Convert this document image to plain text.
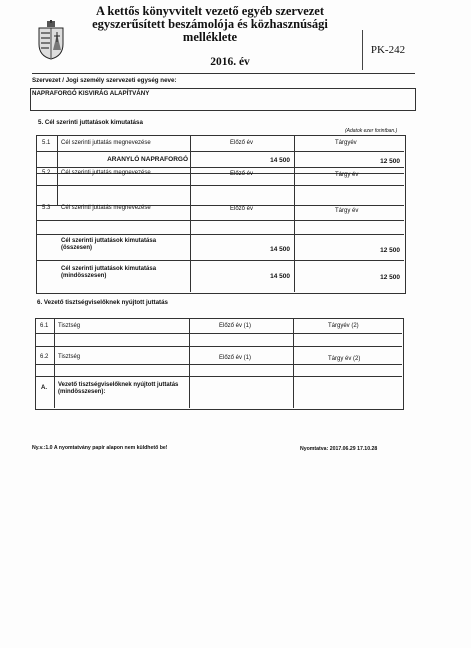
A kettős könyvvitelt vezető egyéb szervezet
egyszerűsített beszámolója és közhasznúsági melléklete
2016. év
PK-242
Szervezet / Jogi személy szervezeti egység neve:
NAPRAFORGÓ KISVIRÁG ALAPÍTVÁNY
5. Cél szerinti juttatások kimutatása
(Adatok ezer forintban.)
5.1 Cél szerinti juttatás megnevezése	Előző év	Tárgyév
ARANYLÓ NAPRAFORGÓ	14 500	12 500
5.2 Cél szerinti juttatás megnevezése	Előző év	Tárgy év
5.3 Cél szerinti juttatás megnevezése	Előző év	Tárgy év
Cél szerinti juttatások kimutatása (összesen)	14 500	12 500
Cél szerinti juttatások kimutatása (mindösszesen)	14 500	12 500
6. Vezető tisztségviselőknek nyújtott juttatás
6.1 Tisztség	Előző év (1)	Tárgyév (2)
6.2 Tisztség	Előző év (1)	Tárgy év (2)
A. Vezető tisztségviselőknek nyújtott juttatás (mindösszesen):
Ny.v.:1.0 A nyomtatvány papír alapon nem küldhető be!	Nyomtatva: 2017.06.29 17.10.28
